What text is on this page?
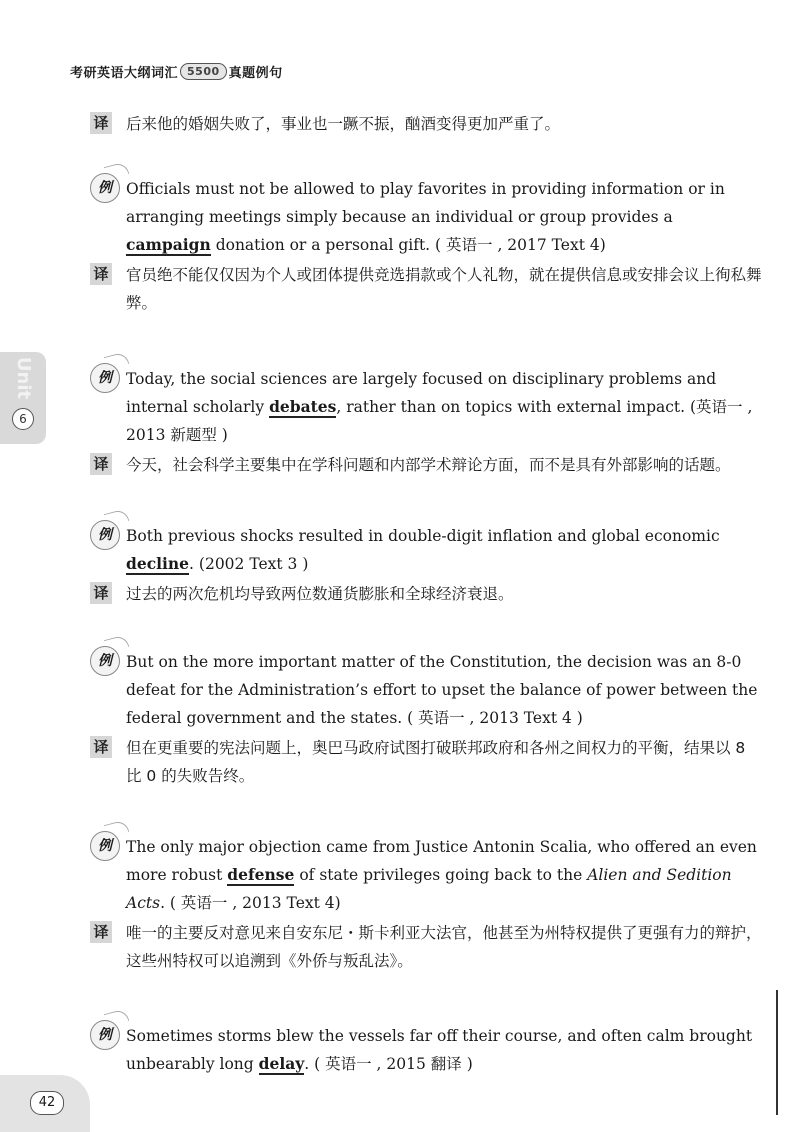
考研英语大纲词汇 5500 真题例句
Unit
6
译 后来他的婚姻失败了，事业也一蹶不振，酗酒变得更加严重了。
例 Officials must not be allowed to play favorites in providing information or in arranging meetings simply because an individual or group provides a campaign donation or a personal gift. ( 英语一 , 2017 Text 4)
译 官员绝不能仅仅因为个人或团体提供竞选捐款或个人礼物，就在提供信息或安排会议上徇私舞弊。
例 Today, the social sciences are largely focused on disciplinary problems and internal scholarly debates, rather than on topics with external impact. (英语一 , 2013 新题型 )
译 今天，社会科学主要集中在学科问题和内部学术辩论方面，而不是具有外部影响的话题。
例 Both previous shocks resulted in double-digit inflation and global economic decline. (2002 Text 3 )
译 过去的两次危机均导致两位数通货膨胀和全球经济衰退。
例 But on the more important matter of the Constitution, the decision was an 8-0 defeat for the Administration’s effort to upset the balance of power between the federal government and the states. ( 英语一 , 2013 Text 4 )
译 但在更重要的宪法问题上，奥巴马政府试图打破联邦政府和各州之间权力的平衡，结果以 8 比 0 的失败告终。
例 The only major objection came from Justice Antonin Scalia, who offered an even more robust defense of state privileges going back to the Alien and Sedition Acts. ( 英语一 , 2013 Text 4)
译 唯一的主要反对意见来自安东尼・斯卡利亚大法官，他甚至为州特权提供了更强有力的辩护，这些州特权可以追溯到《外侨与叛乱法》。
例 Sometimes storms blew the vessels far off their course, and often calm brought unbearably long delay. ( 英语一 , 2015 翻译 )
42
